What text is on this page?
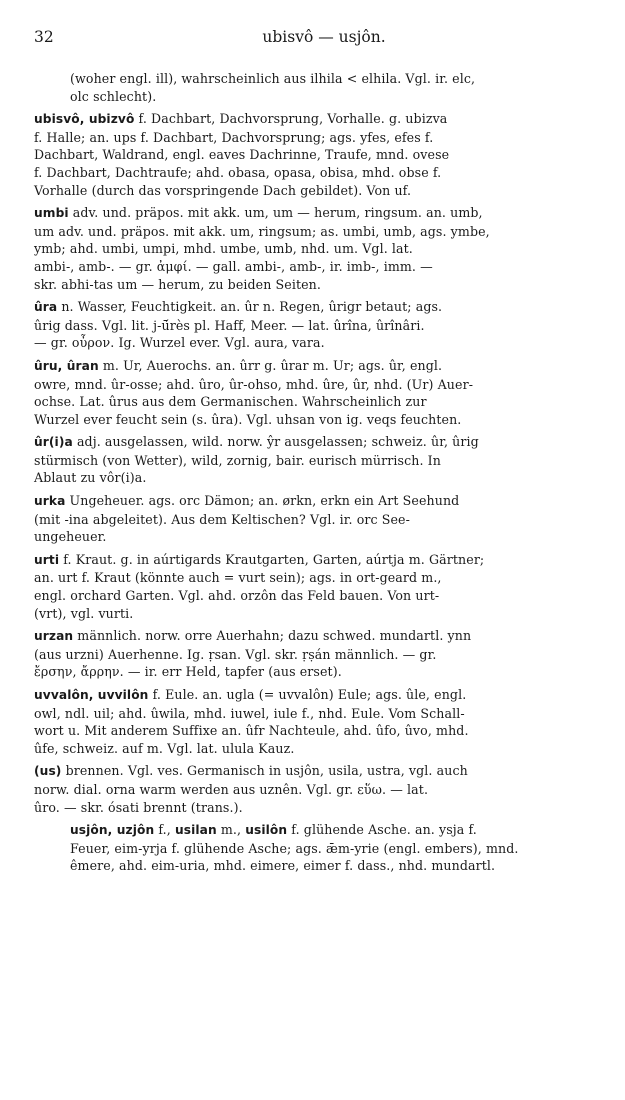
32	ubisvô — usjôn.
(woher engl. ill), wahrscheinlich aus ilhila < elhila. Vgl. ir. elc,
olc schlecht).
ubisvô, ubizvô f. Dachbart, Dachvorsprung, Vorhalle. g. ubizva
f. Halle; an. ups f. Dachbart, Dachvorsprung; ags. yfes, efes f.
Dachbart, Waldrand, engl. eaves Dachrinne, Traufe, mnd. ovese
f. Dachbart, Dachtraufe; ahd. obasa, opasa, obisa, mhd. obse f.
Vorhalle (durch das vorspringende Dach gebildet). Von uf.
umbi adv. und. präpos. mit akk. um, um — herum, ringsum. an. umb,
um adv. und. präpos. mit akk. um, ringsum; as. umbi, umb, ags. ymbe,
ymb; ahd. umbi, umpi, mhd. umbe, umb, nhd. um. Vgl. lat.
ambi-, amb-. — gr. ἀμφί. — gall. ambi-, amb-, ir. imb-, imm. —
skr. abhi-tas um — herum, zu beiden Seiten.
ûra n. Wasser, Feuchtigkeit. an. ûr n. Regen, ûrigr betaut; ags.
ûrig dass. Vgl. lit. j-ū́rès pl. Haff, Meer. — lat. ûrîna, ûrînâri.
— gr. οὖρον. Ig. Wurzel ever. Vgl. aura, vara.
ûru, ûran m. Ur, Auerochs. an. ûrr g. ûrar m. Ur; ags. ûr, engl.
owre, mnd. ûr-osse; ahd. ûro, ûr-ohso, mhd. ûre, ûr, nhd. (Ur) Auer-
ochse. Lat. ûrus aus dem Germanischen. Wahrscheinlich zur
Wurzel ever feucht sein (s. ûra). Vgl. uhsan von ig. veqs feuchten.
ûr(i)a adj. ausgelassen, wild. norw. ŷr ausgelassen; schweiz. ûr, ûrig
stürmisch (von Wetter), wild, zornig, bair. eurisch mürrisch. In
Ablaut zu vôr(i)a.
urka Ungeheuer. ags. orc Dämon; an. ørkn, erkn ein Art Seehund
(mit -ina abgeleitet). Aus dem Keltischen? Vgl. ir. orc See-
ungeheuer.
urti f. Kraut. g. in aúrtigards Krautgarten, Garten, aúrtja m. Gärtner;
an. urt f. Kraut (könnte auch = vurt sein); ags. in ort-geard m.,
engl. orchard Garten. Vgl. ahd. orzôn das Feld bauen. Von urt-
(vrt), vgl. vurti.
urzan männlich. norw. orre Auerhahn; dazu schwed. mundartl. ynn
(aus urzni) Auerhenne. Ig. ṛsan. Vgl. skr. ṛṣán männlich. — gr.
ἔρσην, ἄρρην. — ir. err Held, tapfer (aus erset).
uvvalôn, uvvilôn f. Eule. an. ugla (= uvvalôn) Eule; ags. ûle, engl.
owl, ndl. uil; ahd. ûwila, mhd. iuwel, iule f., nhd. Eule. Vom Schall-
wort u. Mit anderem Suffixe an. ûfr Nachteule, ahd. ûfo, ûvo, mhd.
ûfe, schweiz. auf m. Vgl. lat. ulula Kauz.
(us) brennen. Vgl. ves. Germanisch in usjôn, usila, ustra, vgl. auch
norw. dial. orna warm werden aus uznên. Vgl. gr. εὕω. — lat.
ûro. — skr. ósati brennt (trans.).
usjôn, uzjôn f., usilan m., usilôn f. glühende Asche. an. ysja f.
Feuer, eim-yrja f. glühende Asche; ags. ǣm-yrie (engl. embers), mnd.
êmere, ahd. eim-uria, mhd. eimere, eimer f. dass., nhd. mundartl.
